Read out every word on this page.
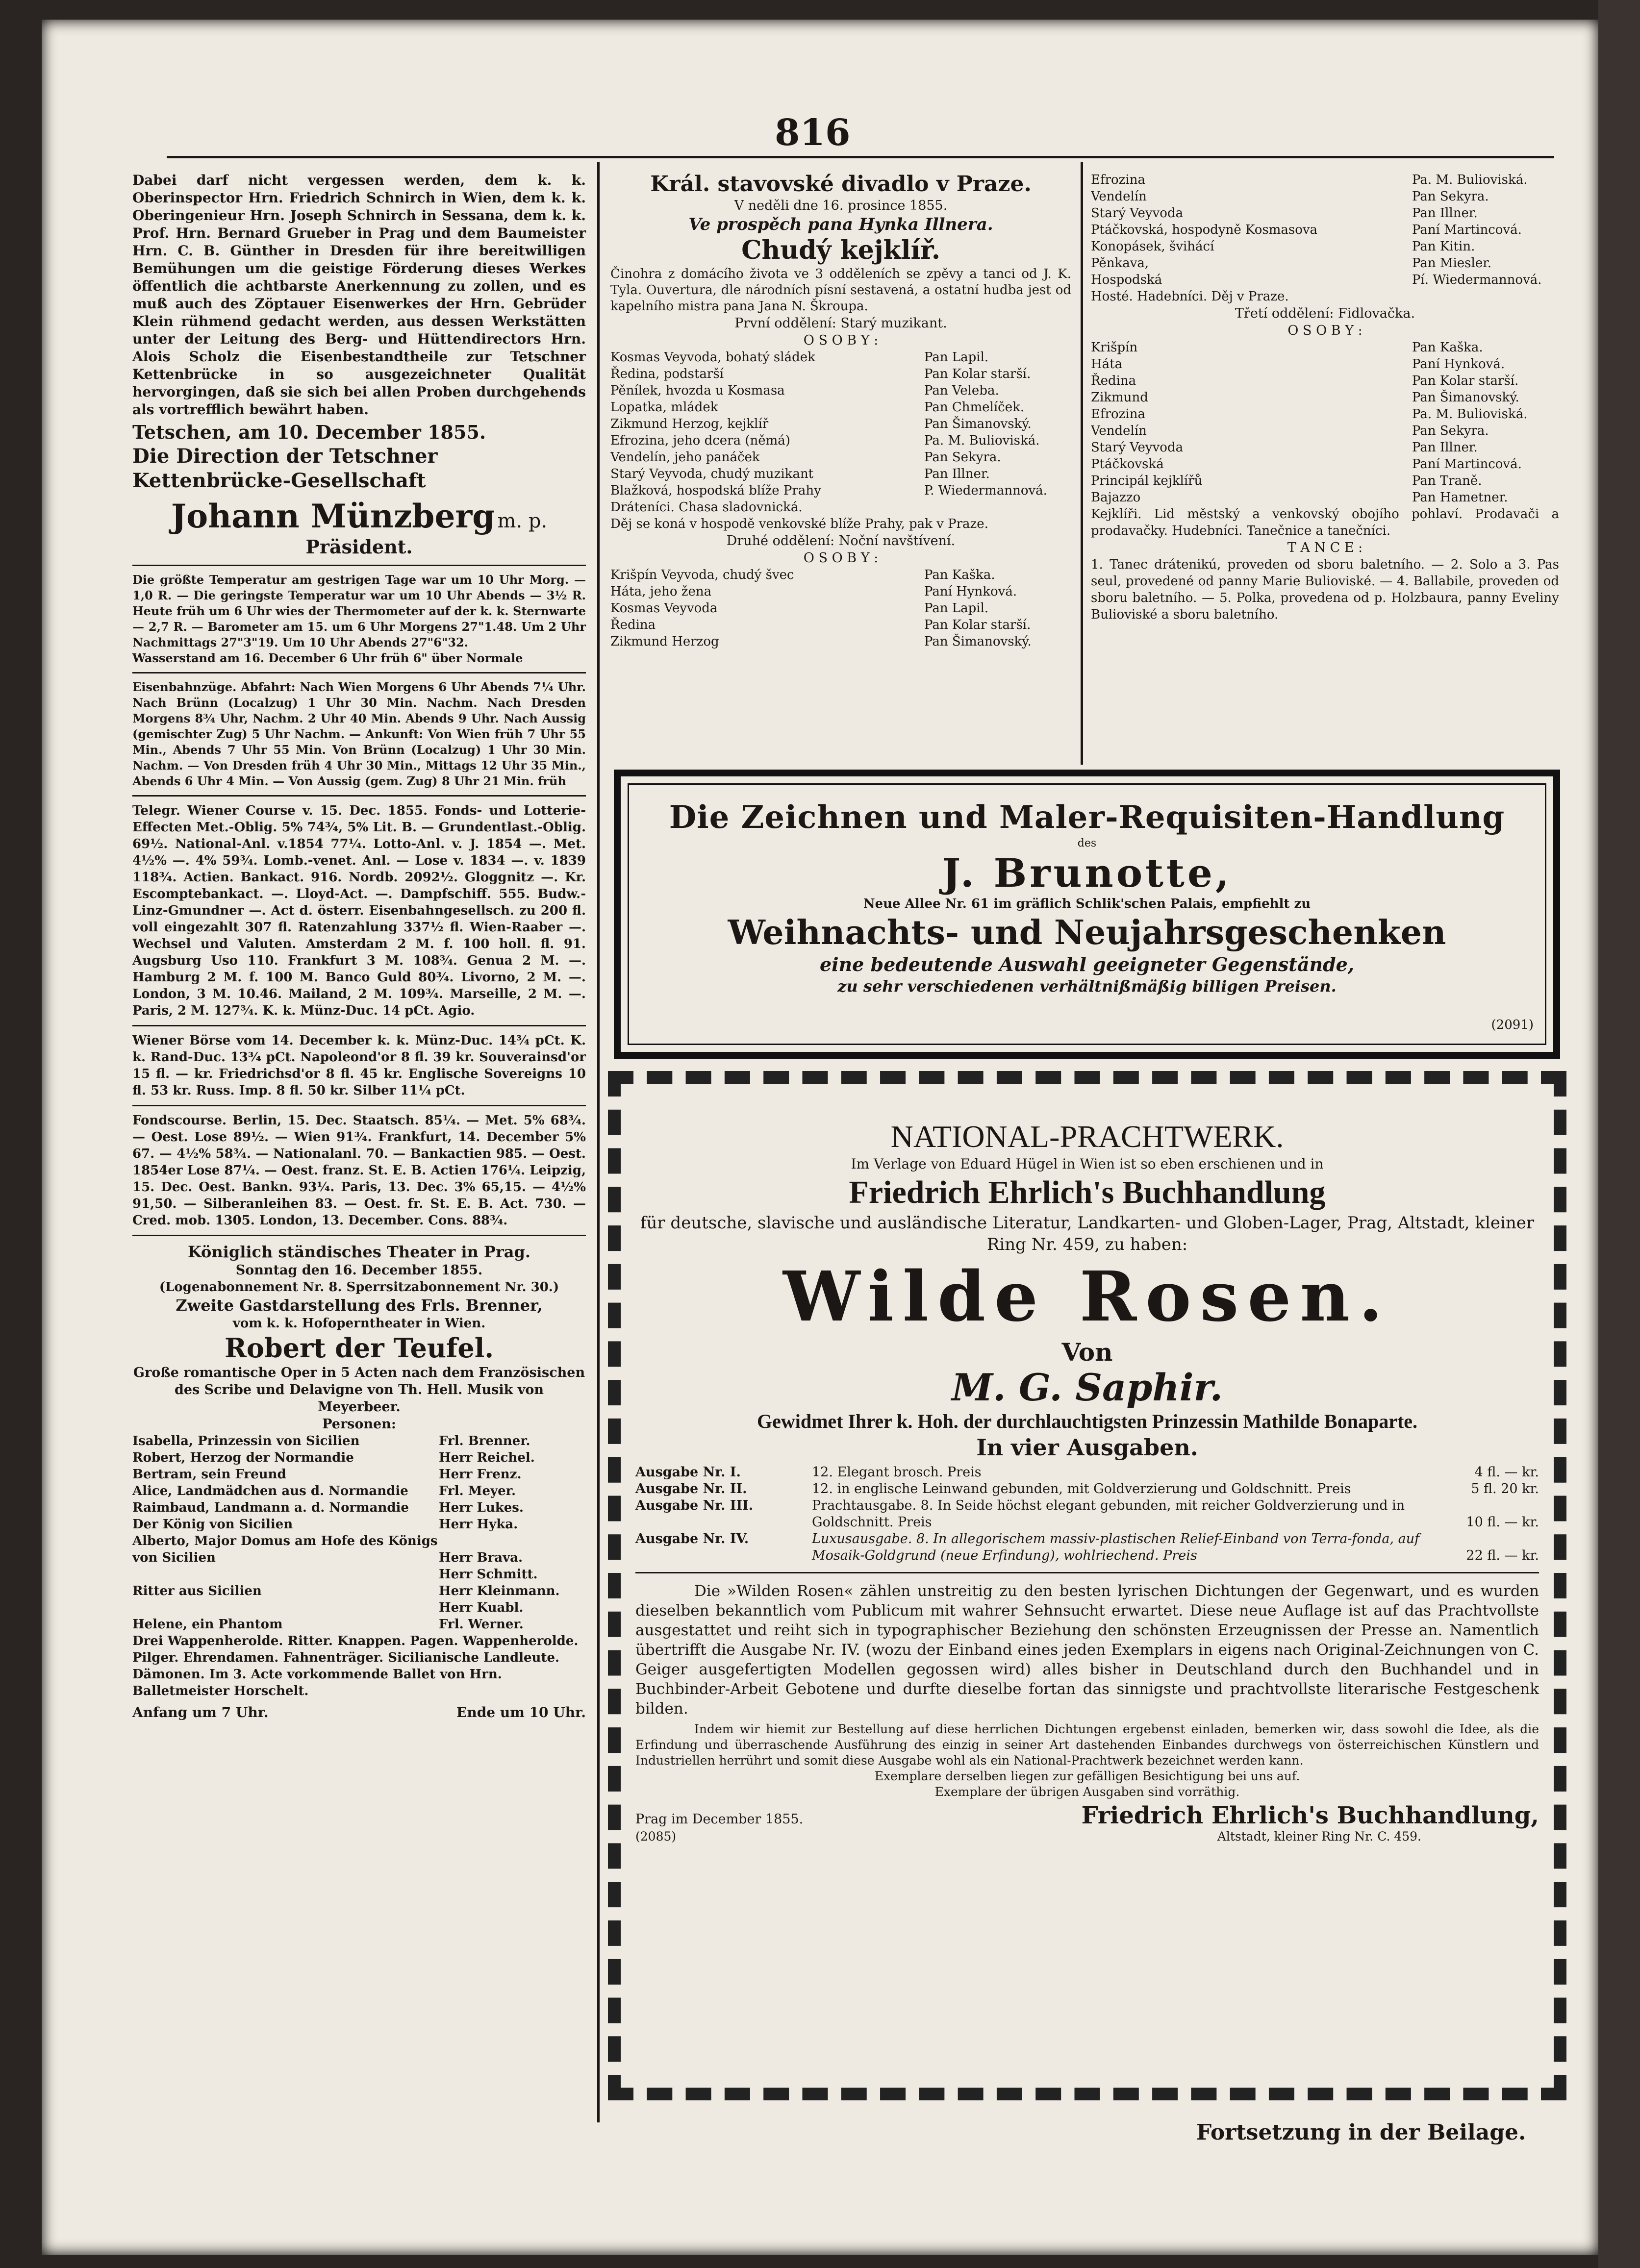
816

Dabei darf nicht vergessen werden, dem k. k. Oberinspector Hrn. Friedrich Schnirch in Wien, dem k. k. Oberingenieur Hrn. Joseph Schnirch in Sessana, dem k. k. Prof. Hrn. Bernard Grueber in Prag und dem Baumeister Hrn. C. B. Günther in Dresden für ihre bereitwilligen Bemühungen um die geistige Förderung dieses Werkes öffentlich die achtbarste Anerkennung zu zollen, und es muß auch des Zöptauer Eisenwerkes der Hrn. Gebrüder Klein rühmend gedacht werden, aus dessen Werkstätten unter der Leitung des Berg- und Hüttendirectors Hrn. Alois Scholz die Eisenbestandtheile zur Tetschner Kettenbrücke in so ausgezeichneter Qualität hervorgingen, daß sie sich bei allen Proben durchgehends als vortrefflich bewährt haben.

Tetschen, am 10. December 1855.

Die Direction der Tetschner Kettenbrücke-Gesellschaft

Johann Münzberg m. p.

Präsident.

Die größte Temperatur am gestrigen Tage war um 10 Uhr Morg. — 1,0 R. — Die geringste Temperatur war um 10 Uhr Abends — 3½ R. Heute früh um 6 Uhr wies der Thermometer auf der k. k. Sternwarte — 2,7 R. — Barometer am 15. um 6 Uhr Morgens 27"1.48. Um 2 Uhr Nachmittags 27"3"19. Um 10 Uhr Abends 27"6"32.

Wasserstand am 16. December 6 Uhr früh 6" über Normale

Eisenbahnzüge. Abfahrt: Nach Wien Morgens 6 Uhr Abends 7¼ Uhr. Nach Brünn (Localzug) 1 Uhr 30 Min. Nachm. Nach Dresden Morgens 8¾ Uhr, Nachm. 2 Uhr 40 Min. Abends 9 Uhr. Nach Aussig (gemischter Zug) 5 Uhr Nachm. — Ankunft: Von Wien früh 7 Uhr 55 Min., Abends 7 Uhr 55 Min. Von Brünn (Localzug) 1 Uhr 30 Min. Nachm. — Von Dresden früh 4 Uhr 30 Min., Mittags 12 Uhr 35 Min., Abends 6 Uhr 4 Min. — Von Aussig (gem. Zug) 8 Uhr 21 Min. früh

Telegr. Wiener Course v. 15. Dec. 1855. Fonds- und Lotterie-Effecten Met.-Oblig. 5% 74¾, 5% Lit. B. — Grundentlast.-Oblig. 69½. National-Anl. v.1854 77¼. Lotto-Anl. v. J. 1854 —. Met. 4½% —. 4% 59¾. Lomb.-venet. Anl. — Lose v. 1834 —. v. 1839 118¾. Actien. Bankact. 916. Nordb. 2092½. Gloggnitz —. Kr. Escomptebankact. —. Lloyd-Act. —. Dampfschiff. 555. Budw.-Linz-Gmundner —. Act d. österr. Eisenbahngesellsch. zu 200 fl. voll eingezahlt 307 fl. Ratenzahlung 337½ fl. Wien-Raaber —. Wechsel und Valuten. Amsterdam 2 M. f. 100 holl. fl. 91. Augsburg Uso 110. Frankfurt 3 M. 108¾. Genua 2 M. —. Hamburg 2 M. f. 100 M. Banco Guld 80¾. Livorno, 2 M. —. London, 3 M. 10.46. Mailand, 2 M. 109¾. Marseille, 2 M. —. Paris, 2 M. 127¾. K. k. Münz-Duc. 14 pCt. Agio.

Wiener Börse vom 14. December k. k. Münz-Duc. 14¾ pCt. K. k. Rand-Duc. 13¾ pCt. Napoleond'or 8 fl. 39 kr. Souverainsd'or 15 fl. — kr. Friedrichsd'or 8 fl. 45 kr. Englische Sovereigns 10 fl. 53 kr. Russ. Imp. 8 fl. 50 kr. Silber 11¼ pCt.

Fondscourse. Berlin, 15. Dec. Staatsch. 85¼. — Met. 5% 68¾. — Oest. Lose 89½. — Wien 91¾. Frankfurt, 14. December 5% 67. — 4½% 58¾. — Nationalanl. 70. — Bankactien 985. — Oest. 1854er Lose 87¼. — Oest. franz. St. E. B. Actien 176¼. Leipzig, 15. Dec. Oest. Bankn. 93¼. Paris, 13. Dec. 3% 65,15. — 4½% 91,50. — Silberanleihen 83. — Oest. fr. St. E. B. Act. 730. — Cred. mob. 1305. London, 13. December. Cons. 88¾.

Königlich ständisches Theater in Prag.

Sonntag den 16. December 1855.

(Logenabonnement Nr. 8. Sperrsitzabonnement Nr. 30.)

Zweite Gastdarstellung des Frls. Brenner,

vom k. k. Hofoperntheater in Wien.

Robert der Teufel.

Große romantische Oper in 5 Acten nach dem Französischen des Scribe und Delavigne von Th. Hell. Musik von Meyerbeer.

Personen:

Isabella, Prinzessin von Sicilien	Frl. Brenner.
Robert, Herzog der Normandie	Herr Reichel.
Bertram, sein Freund	Herr Frenz.
Alice, Landmädchen aus d. Normandie	Frl. Meyer.
Raimbaud, Landmann a. d. Normandie	Herr Lukes.
Der König von Sicilien	Herr Hyka.
Alberto, Major Domus am Hofe des Königs von Sicilien	Herr Brava.
Herr Schmitt.
Ritter aus Sicilien	Herr Kleinmann.
Herr Kuabl.
Helene, ein Phantom	Frl. Werner.

Drei Wappenherolde. Ritter. Knappen. Pagen. Wappenherolde. Pilger. Ehrendamen. Fahnenträger. Sicilianische Landleute. Dämonen. Im 3. Acte vorkommende Ballet von Hrn. Balletmeister Horschelt.

Anfang um 7 Uhr.	Ende um 10 Uhr.

Král. stavovské divadlo v Praze.

V neděli dne 16. prosince 1855.

Ve prospěch pana Hynka Illnera.

Chudý kejklíř.

Činohra z domácího života ve 3 odděleních se zpěvy a tanci od J. K. Tyla. Ouvertura, dle národních písní sestavená, a ostatní hudba jest od kapelního mistra pana Jana N. Škroupa.

První oddělení: Starý muzikant.

O S O B Y :

Kosmas Veyvoda, bohatý sládek	Pan Lapil.
Ředina, podstarší	Pan Kolar starší.
Pěnílek, hvozda u Kosmasa	Pan Veleba.
Lopatka, mládek	Pan Chmelíček.
Zikmund Herzog, kejklíř	Pan Šimanovský.
Efrozina, jeho dcera (němá)	Pa. M. Bulioviská.
Vendelín, jeho panáček	Pan Sekyra.
Starý Veyvoda, chudý muzikant	Pan Illner.
Blažková, hospodská blíže Prahy	P. Wiedermannová.

Dráteníci. Chasa sladovnická.

Děj se koná v hospodě venkovské blíže Prahy, pak v Praze.

Druhé oddělení: Noční navštívení.

O S O B Y :

Krišpín Veyvoda, chudý švec	Pan Kaška.
Háta, jeho žena	Paní Hynková.
Kosmas Veyvoda	Pan Lapil.
Ředina	Pan Kolar starší.
Zikmund Herzog	Pan Šimanovský.
Efrozina	Pa. M. Bulioviská.
Vendelín	Pan Sekyra.
Starý Veyvoda	Pan Illner.
Ptáčkovská, hospodyně Kosmasova	Paní Martincová.
Konopásek, švihácí	Pan Kitin.
Pěnkava,	Pan Miesler.
Hospodská	Pí. Wiedermannová.

Hosté. Hadebníci. Děj v Praze.

Třetí oddělení: Fidlovačka.

O S O B Y :

Krišpín	Pan Kaška.
Háta	Paní Hynková.
Ředina	Pan Kolar starší.
Zikmund	Pan Šimanovský.
Efrozina	Pa. M. Bulioviská.
Vendelín	Pan Sekyra.
Starý Veyvoda	Pan Illner.
Ptáčkovská	Paní Martincová.
Principál kejklířů	Pan Traně.
Bajazzo	Pan Hametner.

Kejklíři. Lid městský a venkovský obojího pohlaví. Prodavači a prodavačky. Hudebníci. Tanečnice a tanečníci.

T A N C E :

1. Tanec drátenikú, proveden od sboru baletního. — 2. Solo a 3. Pas seul, provedené od panny Marie Bulioviské. — 4. Ballabile, proveden od sboru baletního. — 5. Polka, provedena od p. Holzbaura, panny Eveliny Bulioviské a sboru baletního.

Die Zeichnen und Maler-Requisiten-Handlung

des

J. Brunotte,

Neue Allee Nr. 61 im gräflich Schlik'schen Palais, empfiehlt zu

Weihnachts- und Neujahrsgeschenken

eine bedeutende Auswahl geeigneter Gegenstände,

zu sehr verschiedenen verhältnißmäßig billigen Preisen.

(2091)

NATIONAL-PRACHTWERK.

Im Verlage von Eduard Hügel in Wien ist so eben erschienen und in

Friedrich Ehrlich's Buchhandlung

für deutsche, slavische und ausländische Literatur, Landkarten- und Globen-Lager, Prag, Altstadt, kleiner Ring Nr. 459, zu haben:

Wilde Rosen.

Von

M. G. Saphir.

Gewidmet Ihrer k. Hoh. der durchlauchtigsten Prinzessin Mathilde Bonaparte.

In vier Ausgaben.

Ausgabe Nr. I.	12. Elegant brosch. Preis	4 fl. — kr.
Ausgabe Nr. II.	12. in englische Leinwand gebunden, mit Goldverzierung und Goldschnitt. Preis	5 fl. 20 kr.
Ausgabe Nr. III.	Prachtausgabe. 8. In Seide höchst elegant gebunden, mit reicher Goldverzierung und in Goldschnitt. Preis	10 fl. — kr.
Ausgabe Nr. IV.	Luxusausgabe. 8. In allegorischem massiv-plastischen Relief-Einband von Terra-fonda, auf Mosaik-Goldgrund (neue Erfindung), wohlriechend. Preis	22 fl. — kr.

Die »Wilden Rosen« zählen unstreitig zu den besten lyrischen Dichtungen der Gegenwart, und es wurden dieselben bekanntlich vom Publicum mit wahrer Sehnsucht erwartet. Diese neue Auflage ist auf das Prachtvollste ausgestattet und reiht sich in typographischer Beziehung den schönsten Erzeugnissen der Presse an. Namentlich übertrifft die Ausgabe Nr. IV. (wozu der Einband eines jeden Exemplars in eigens nach Original-Zeichnungen von C. Geiger ausgefertigten Modellen gegossen wird) alles bisher in Deutschland durch den Buchhandel und in Buchbinder-Arbeit Gebotene und durfte dieselbe fortan das sinnigste und prachtvollste literarische Festgeschenk bilden.

Indem wir hiemit zur Bestellung auf diese herrlichen Dichtungen ergebenst einladen, bemerken wir, dass sowohl die Idee, als die Erfindung und überraschende Ausführung des einzig in seiner Art dastehenden Einbandes durchwegs von österreichischen Künstlern und Industriellen herrührt und somit diese Ausgabe wohl als ein National-Prachtwerk bezeichnet werden kann.

Exemplare derselben liegen zur gefälligen Besichtigung bei uns auf.

Exemplare der übrigen Ausgaben sind vorräthig.

Prag im December 1855.	Friedrich Ehrlich's Buchhandlung,
(2085)	Altstadt, kleiner Ring Nr. C. 459.

Fortsetzung in der Beilage.
